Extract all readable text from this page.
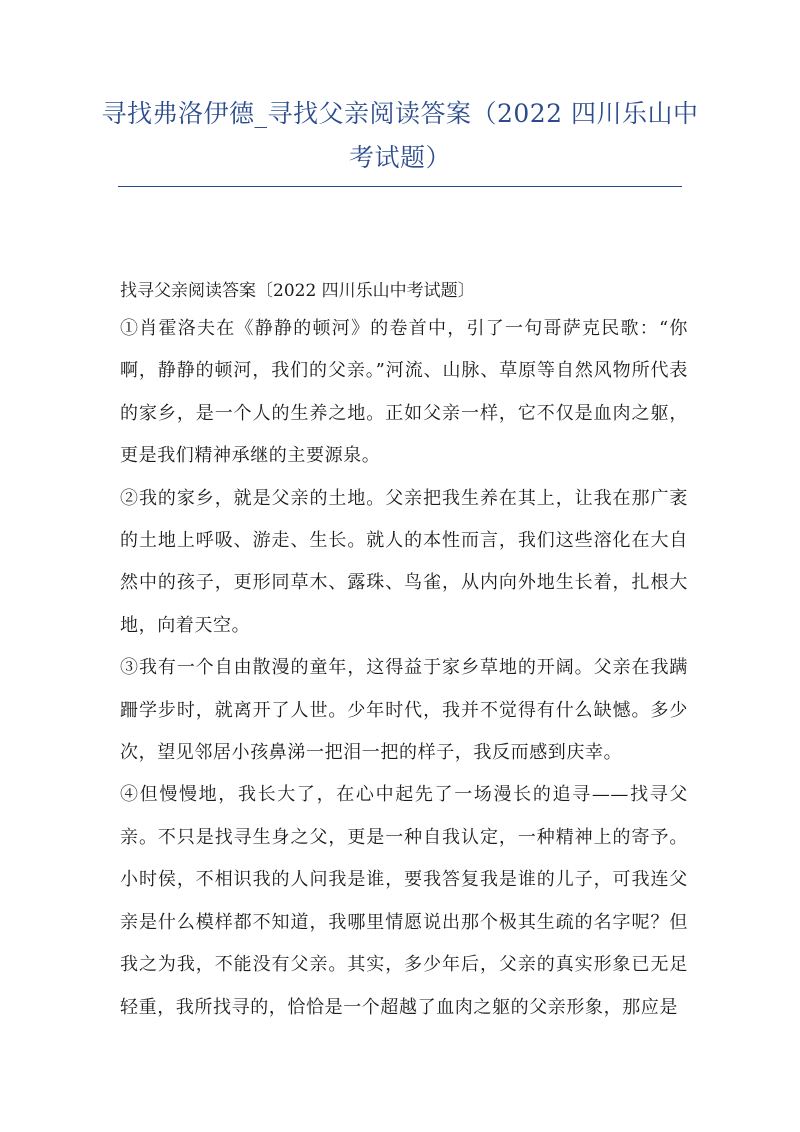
寻找弗洛伊德_寻找父亲阅读答案（2022 四川乐山中考试题）

找寻父亲阅读答案〔2022 四川乐山中考试题〕

①肖霍洛夫在《静静的顿河》的卷首中，引了一句哥萨克民歌：“你啊，静静的顿河，我们的父亲。”河流、山脉、草原等自然风物所代表的家乡，是一个人的生养之地。正如父亲一样，它不仅是血肉之躯，更是我们精神承继的主要源泉。

②我的家乡，就是父亲的土地。父亲把我生养在其上，让我在那广袤的土地上呼吸、游走、生长。就人的本性而言，我们这些溶化在大自然中的孩子，更形同草木、露珠、鸟雀，从内向外地生长着，扎根大地，向着天空。

③我有一个自由散漫的童年，这得益于家乡草地的开阔。父亲在我蹒跚学步时，就离开了人世。少年时代，我并不觉得有什么缺憾。多少次，望见邻居小孩鼻涕一把泪一把的样子，我反而感到庆幸。

④但慢慢地，我长大了，在心中起先了一场漫长的追寻——找寻父亲。不只是找寻生身之父，更是一种自我认定，一种精神上的寄予。小时侯，不相识我的人问我是谁，要我答复我是谁的儿子，可我连父亲是什么模样都不知道，我哪里情愿说出那个极其生疏的名字呢？但我之为我，不能没有父亲。其实，多少年后，父亲的真实形象已无足轻重，我所找寻的，恰恰是一个超越了血肉之躯的父亲形象，那应是
